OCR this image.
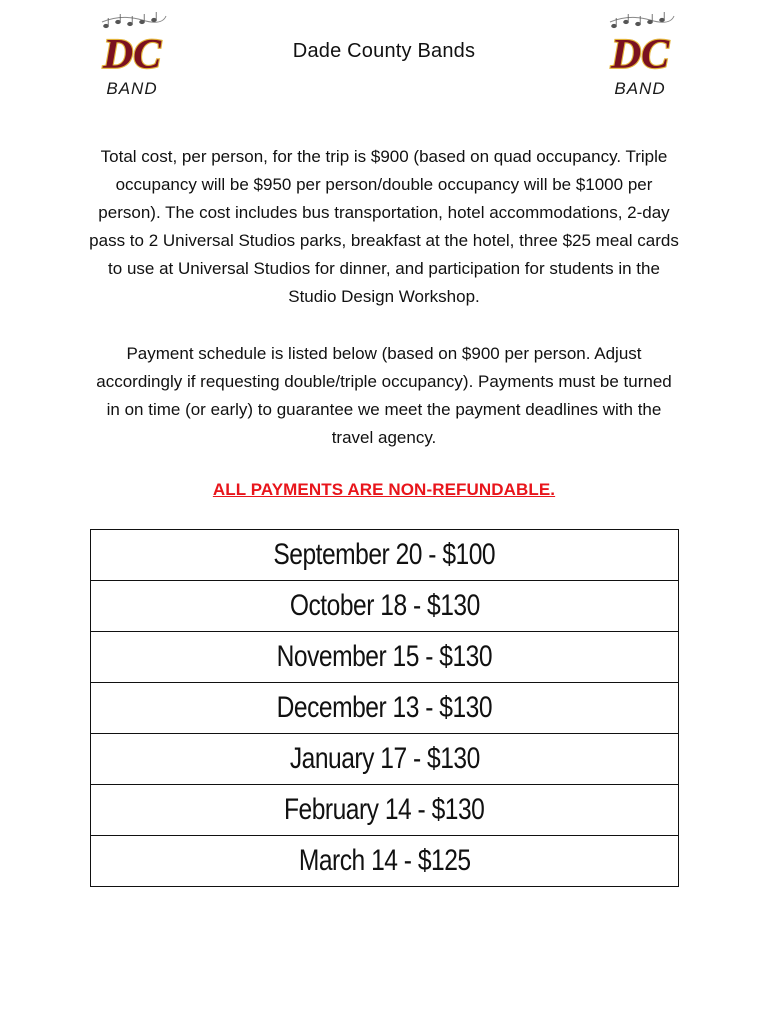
DC
BAND
Dade County Bands	DC
BAND
Total cost, per person, for the trip is $900 (based on quad occupancy. Triple occupancy will be $950 per person/double occupancy will be $1000 per person). The cost includes bus transportation, hotel accommodations, 2-day pass to 2 Universal Studios parks, breakfast at the hotel, three $25 meal cards to use at Universal Studios for dinner, and participation for students in the Studio Design Workshop.
Payment schedule is listed below (based on $900 per person. Adjust accordingly if requesting double/triple occupancy). Payments must be turned in on time (or early) to guarantee we meet the payment deadlines with the travel agency.
ALL PAYMENTS ARE NON-REFUNDABLE.
September 20 - $100
October 18 - $130
November 15 - $130
December 13 - $130
January 17 - $130
February 14 - $130
March 14 - $125
